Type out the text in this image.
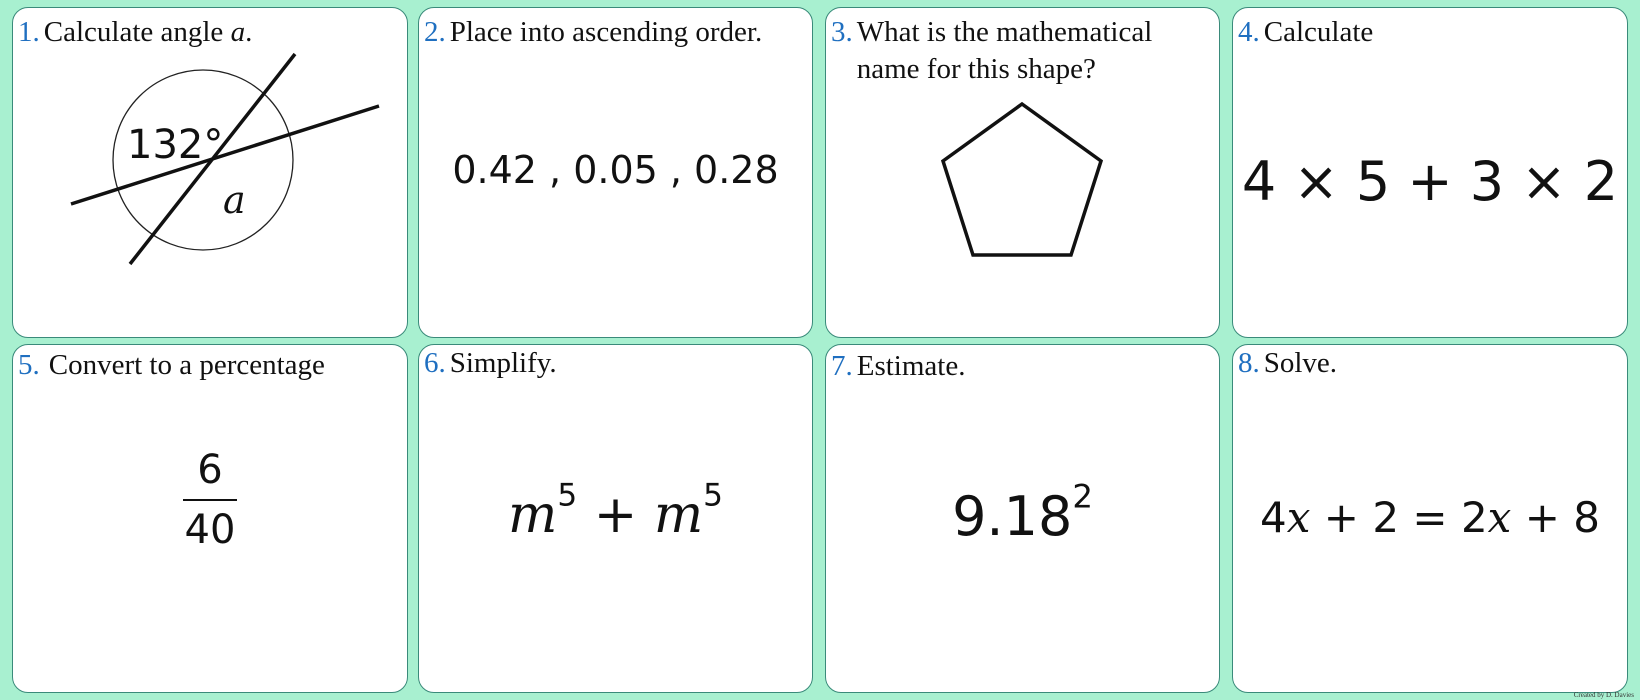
1. Calculate angle a.
132°
a
2. Place into ascending order.
0.42 , 0.05 , 0.28
3. What is the mathematical name for this shape?
4. Calculate
4 × 5 + 3 × 2
5. Convert to a percentage
$\frac{6}{40}$
6. Simplify.
$m^5 + m^5$
7. Estimate.
9.18$^2$
8. Solve.
4x + 2 = 2x + 8
Created by D. Davies
